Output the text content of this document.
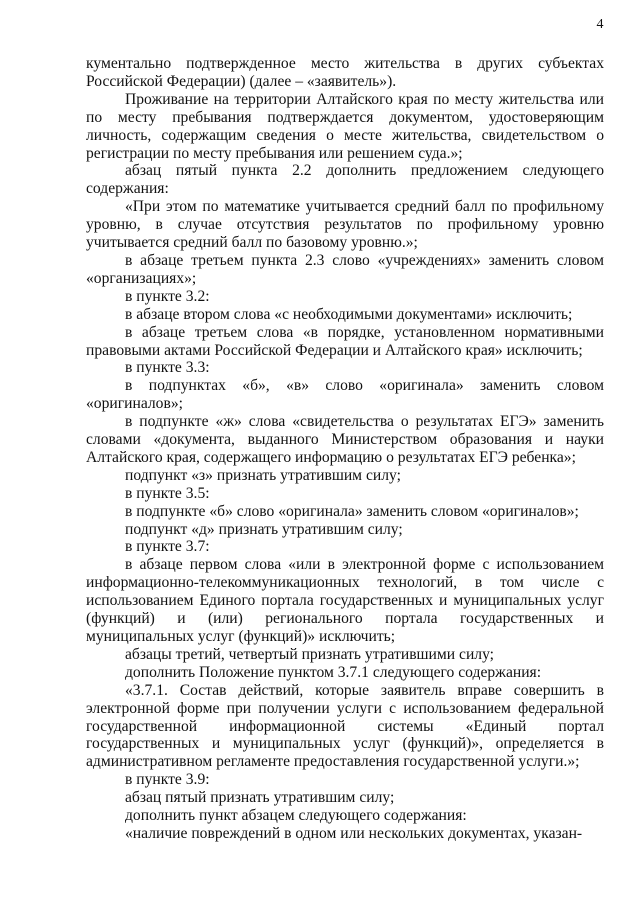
4

кументально подтвержденное место жительства в других субъектах Российской Федерации) (далее – «заявитель»).

Проживание на территории Алтайского края по месту жительства или по месту пребывания подтверждается документом, удостоверяющим личность, содержащим сведения о месте жительства, свидетельством о регистрации по месту пребывания или решением суда.»;

абзац пятый пункта 2.2 дополнить предложением следующего содержания:

«При этом по математике учитывается средний балл по профильному уровню, в случае отсутствия результатов по профильному уровню учитывается средний балл по базовому уровню.»;

в абзаце третьем пункта 2.3 слово «учреждениях» заменить словом «организациях»;

в пункте 3.2:

в абзаце втором слова «с необходимыми документами» исключить;

в абзаце третьем слова «в порядке, установленном нормативными правовыми актами Российской Федерации и Алтайского края» исключить;

в пункте 3.3:

в подпунктах «б», «в» слово «оригинала» заменить словом «оригиналов»;

в подпункте «ж» слова «свидетельства о результатах ЕГЭ» заменить словами «документа, выданного Министерством образования и науки Алтайского края, содержащего информацию о результатах ЕГЭ ребенка»;

подпункт «з» признать утратившим силу;

в пункте 3.5:

в подпункте «б» слово «оригинала» заменить словом «оригиналов»;

подпункт «д» признать утратившим силу;

в пункте 3.7:

в абзаце первом слова «или в электронной форме с использованием информационно-телекоммуникационных технологий, в том числе с использованием Единого портала государственных и муниципальных услуг (функций) и (или) регионального портала государственных и муниципальных услуг (функций)» исключить;

абзацы третий, четвертый признать утратившими силу;

дополнить Положение пунктом 3.7.1 следующего содержания:

«3.7.1. Состав действий, которые заявитель вправе совершить в электронной форме при получении услуги с использованием федеральной государственной информационной системы «Единый портал государственных и муниципальных услуг (функций)», определяется в административном регламенте предоставления государственной услуги.»;

в пункте 3.9:

абзац пятый признать утратившим силу;

дополнить пункт абзацем следующего содержания:

«наличие повреждений в одном или нескольких документах, указан-
